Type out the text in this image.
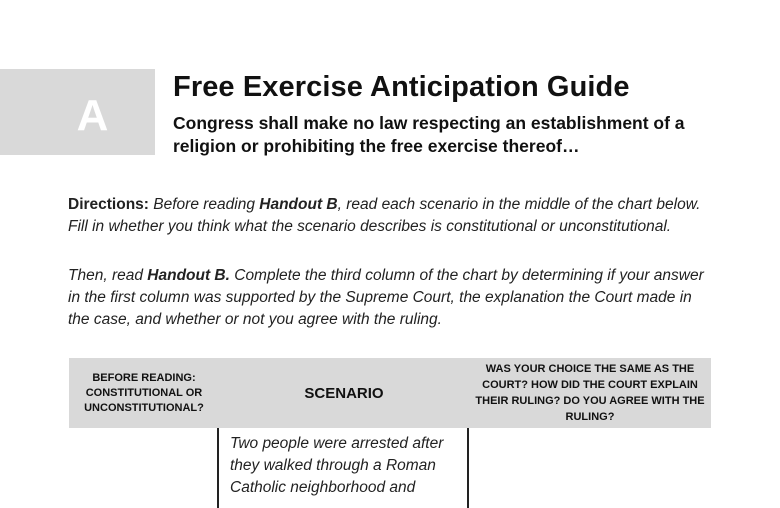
A
Free Exercise Anticipation Guide

Congress shall make no law respecting an establishment of a religion or prohibiting the free exercise thereof…

Directions: Before reading Handout B, read each scenario in the middle of the chart below. Fill in whether you think what the scenario describes is constitutional or unconstitutional.

Then, read Handout B. Complete the third column of the chart by determining if your answer in the first column was supported by the Supreme Court, the explanation the Court made in the case, and whether or not you agree with the ruling.

BEFORE READING: CONSTITUTIONAL OR UNCONSTITUTIONAL?
SCENARIO
WAS YOUR CHOICE THE SAME AS THE COURT? HOW DID THE COURT EXPLAIN THEIR RULING? DO YOU AGREE WITH THE RULING?

Two people were arrested after they walked through a Roman Catholic neighborhood and
